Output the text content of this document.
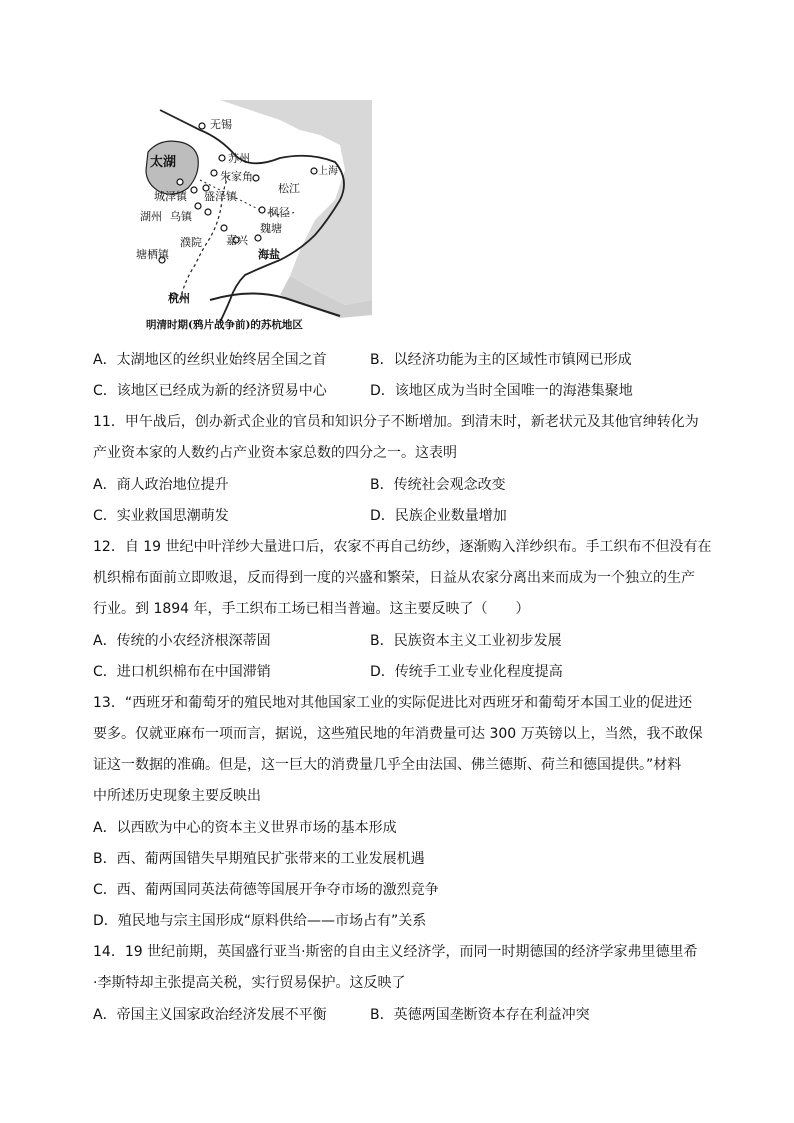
无锡
太湖	苏州
朱家角	上海
城泽镇 盛泽镇
松江
湖州 乌镇	枫径
魏塘
濮院 嘉兴
塘栖镇	海盐
杭州
明清时期(鸦片战争前)的苏杭地区
A．太湖地区的丝织业始终居全国之首	B．以经济功能为主的区域性市镇网已形成
C．该地区已经成为新的经济贸易中心	D．该地区成为当时全国唯一的海港集聚地
11．甲午战后，创办新式企业的官员和知识分子不断增加。到清末时，新老状元及其他官绅转化为
产业资本家的人数约占产业资本家总数的四分之一。这表明
A．商人政治地位提升	B．传统社会观念改变
C．实业救国思潮萌发	D．民族企业数量增加
12．自 19 世纪中叶洋纱大量进口后，农家不再自己纺纱，逐渐购入洋纱织布。手工织布不但没有在
机织棉布面前立即败退，反而得到一度的兴盛和繁荣，日益从农家分离出来而成为一个独立的生产
行业。到 1894 年，手工织布工场已相当普遍。这主要反映了（　　）
A．传统的小农经济根深蒂固	B．民族资本主义工业初步发展
C．进口机织棉布在中国滞销	D．传统手工业专业化程度提高
13．“西班牙和葡萄牙的殖民地对其他国家工业的实际促进比对西班牙和葡萄牙本国工业的促进还
要多。仅就亚麻布一项而言，据说，这些殖民地的年消费量可达 300 万英镑以上，当然，我不敢保
证这一数据的准确。但是，这一巨大的消费量几乎全由法国、佛兰德斯、荷兰和德国提供。”材料
中所述历史现象主要反映出
A．以西欧为中心的资本主义世界市场的基本形成
B．西、葡两国错失早期殖民扩张带来的工业发展机遇
C．西、葡两国同英法荷德等国展开争夺市场的激烈竞争
D．殖民地与宗主国形成“原料供给——市场占有”关系
14．19 世纪前期，英国盛行亚当·斯密的自由主义经济学，而同一时期德国的经济学家弗里德里希
·李斯特却主张提高关税，实行贸易保护。这反映了
A．帝国主义国家政治经济发展不平衡	B．英德两国垄断资本存在利益冲突
